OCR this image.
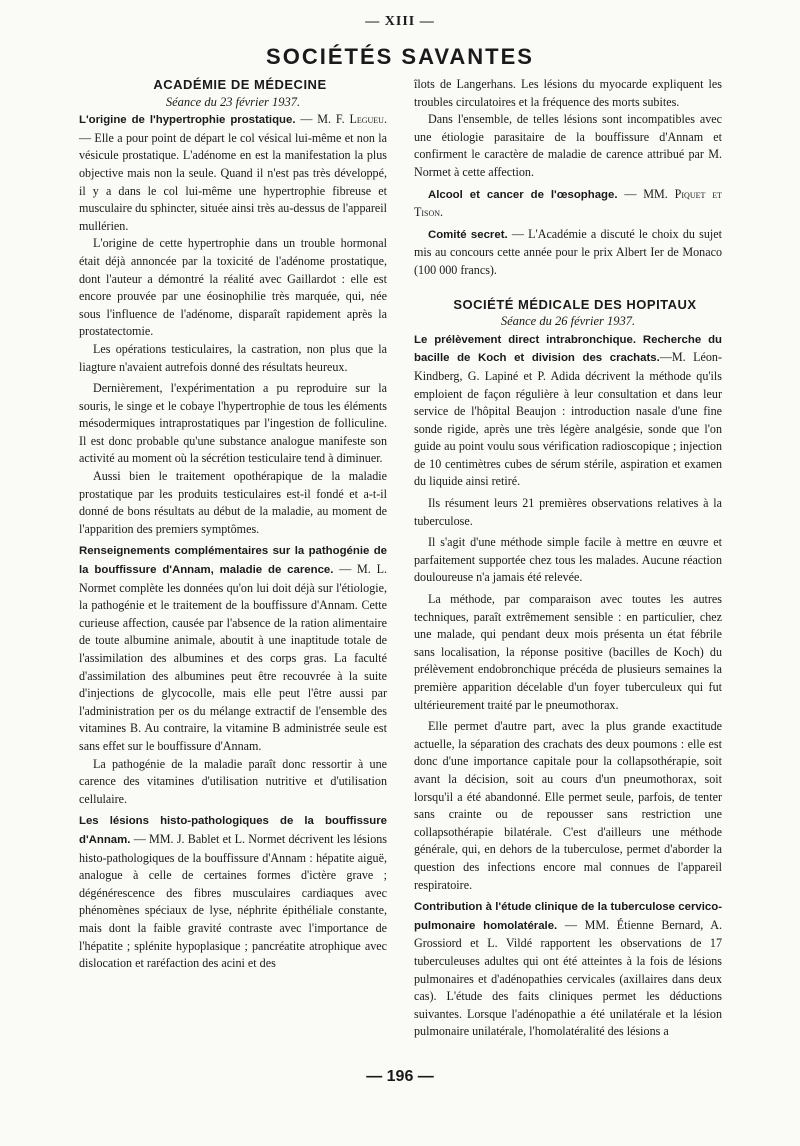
— XIII —
SOCIÉTÉS SAVANTES

ACADÉMIE DE MÉDECINE

Séance du 23 février 1937.

L'origine de l'hypertrophie prostatique. — M. F. Legueu. — Elle a pour point de départ le col vésical lui-même et non la vésicule prostatique. L'adénome en est la manifestation la plus objective mais non la seule. Quand il n'est pas très développé, il y a dans le col lui-même une hypertrophie fibreuse et musculaire du sphincter, située ainsi très au-dessus de l'appareil mullérien.

L'origine de cette hypertrophie dans un trouble hormonal était déjà annoncée par la toxicité de l'adénome prostatique, dont l'auteur a démontré la réalité avec Gaillardot : elle est encore prouvée par une éosinophilie très marquée, qui, née sous l'influence de l'adénome, disparaît rapidement après la prostatectomie.

Les opérations testiculaires, la castration, non plus que la liagture n'avaient autrefois donné des résultats heureux.

Dernièrement, l'expérimentation a pu reproduire sur la souris, le singe et le cobaye l'hypertrophie de tous les éléments mésodermiques intraprostatiques par l'ingestion de folliculine. Il est donc probable qu'une substance analogue manifeste son activité au moment où la sécrétion testiculaire tend à diminuer.

Aussi bien le traitement opothérapique de la maladie prostatique par les produits testiculaires est-il fondé et a-t-il donné de bons résultats au début de la maladie, au moment de l'apparition des premiers symptômes.

Renseignements complémentaires sur la pathogénie de la bouffissure d'Annam, maladie de carence. — M. L. Normet complète les données qu'on lui doit déjà sur l'étiologie, la pathogénie et le traitement de la bouffissure d'Annam. Cette curieuse affection, causée par l'absence de la ration alimentaire de toute albumine animale, aboutit à une inaptitude totale de l'assimilation des albumines et des corps gras. La faculté d'assimilation des albumines peut être recouvrée à la suite d'injections de glycocolle, mais elle peut l'être aussi par l'administration per os du mélange extractif de l'ensemble des vitamines B. Au contraire, la vitamine B administrée seule est sans effet sur le bouffissure d'Annam.

La pathogénie de la maladie paraît donc ressortir à une carence des vitamines d'utilisation nutritive et d'utilisation cellulaire.

Les lésions histo-pathologiques de la bouffissure d'Annam. — MM. J. Bablet et L. Normet décrivent les lésions histo-pathologiques de la bouffissure d'Annam : hépatite aiguë, analogue à celle de certaines formes d'ictère grave ; dégénérescence des fibres musculaires cardiaques avec phénomènes spéciaux de lyse, néphrite épithéliale constante, mais dont la faible gravité contraste avec l'importance de l'hépatite ; splénite hypoplasique ; pancréatite atrophique avec dislocation et raréfaction des acini et des

îlots de Langerhans. Les lésions du myocarde expliquent les troubles circulatoires et la fréquence des morts subites.

Dans l'ensemble, de telles lésions sont incompatibles avec une étiologie parasitaire de la bouffissure d'Annam et confirment le caractère de maladie de carence attribué par M. Normet à cette affection.

Alcool et cancer de l'œsophage. — MM. Piquet et Tison.

Comité secret. — L'Académie a discuté le choix du sujet mis au concours cette année pour le prix Albert Ier de Monaco (100 000 francs).

SOCIÉTÉ MÉDICALE DES HOPITAUX

Séance du 26 février 1937.

Le prélèvement direct intrabronchique. Recherche du bacille de Koch et division des crachats.—M. Léon-Kindberg, G. Lapiné et P. Adida décrivent la méthode qu'ils emploient de façon régulière à leur consultation et dans leur service de l'hôpital Beaujon : introduction nasale d'une fine sonde rigide, après une très légère analgésie, sonde que l'on guide au point voulu sous vérification radioscopique ; injection de 10 centimètres cubes de sérum stérile, aspiration et examen du liquide ainsi retiré.

Ils résument leurs 21 premières observations relatives à la tuberculose.

Il s'agit d'une méthode simple facile à mettre en œuvre et parfaitement supportée chez tous les malades. Aucune réaction douloureuse n'a jamais été relevée.

La méthode, par comparaison avec toutes les autres techniques, paraît extrêmement sensible : en particulier, chez une malade, qui pendant deux mois présenta un état fébrile sans localisation, la réponse positive (bacilles de Koch) du prélèvement endobronchique précéda de plusieurs semaines la première apparition décelable d'un foyer tuberculeux qui fut ultérieurement traité par le pneumothorax.

Elle permet d'autre part, avec la plus grande exactitude actuelle, la séparation des crachats des deux poumons : elle est donc d'une importance capitale pour la collapsothérapie, soit avant la décision, soit au cours d'un pneumothorax, soit lorsqu'il a été abandonné. Elle permet seule, parfois, de tenter sans crainte ou de repousser sans restriction une collapsothérapie bilatérale. C'est d'ailleurs une méthode générale, qui, en dehors de la tuberculose, permet d'aborder la question des infections encore mal connues de l'appareil respiratoire.

Contribution à l'étude clinique de la tuberculose cervico-pulmonaire homolatérale. — MM. Étienne Bernard, A. Grossiord et L. Vildé rapportent les observations de 17 tuberculeuses adultes qui ont été atteintes à la fois de lésions pulmonaires et d'adénopathies cervicales (axillaires dans deux cas). L'étude des faits cliniques permet les déductions suivantes. Lorsque l'adénopathie a été unilatérale et la lésion pulmonaire unilatérale, l'homolatéralité des lésions a

— 196 —
